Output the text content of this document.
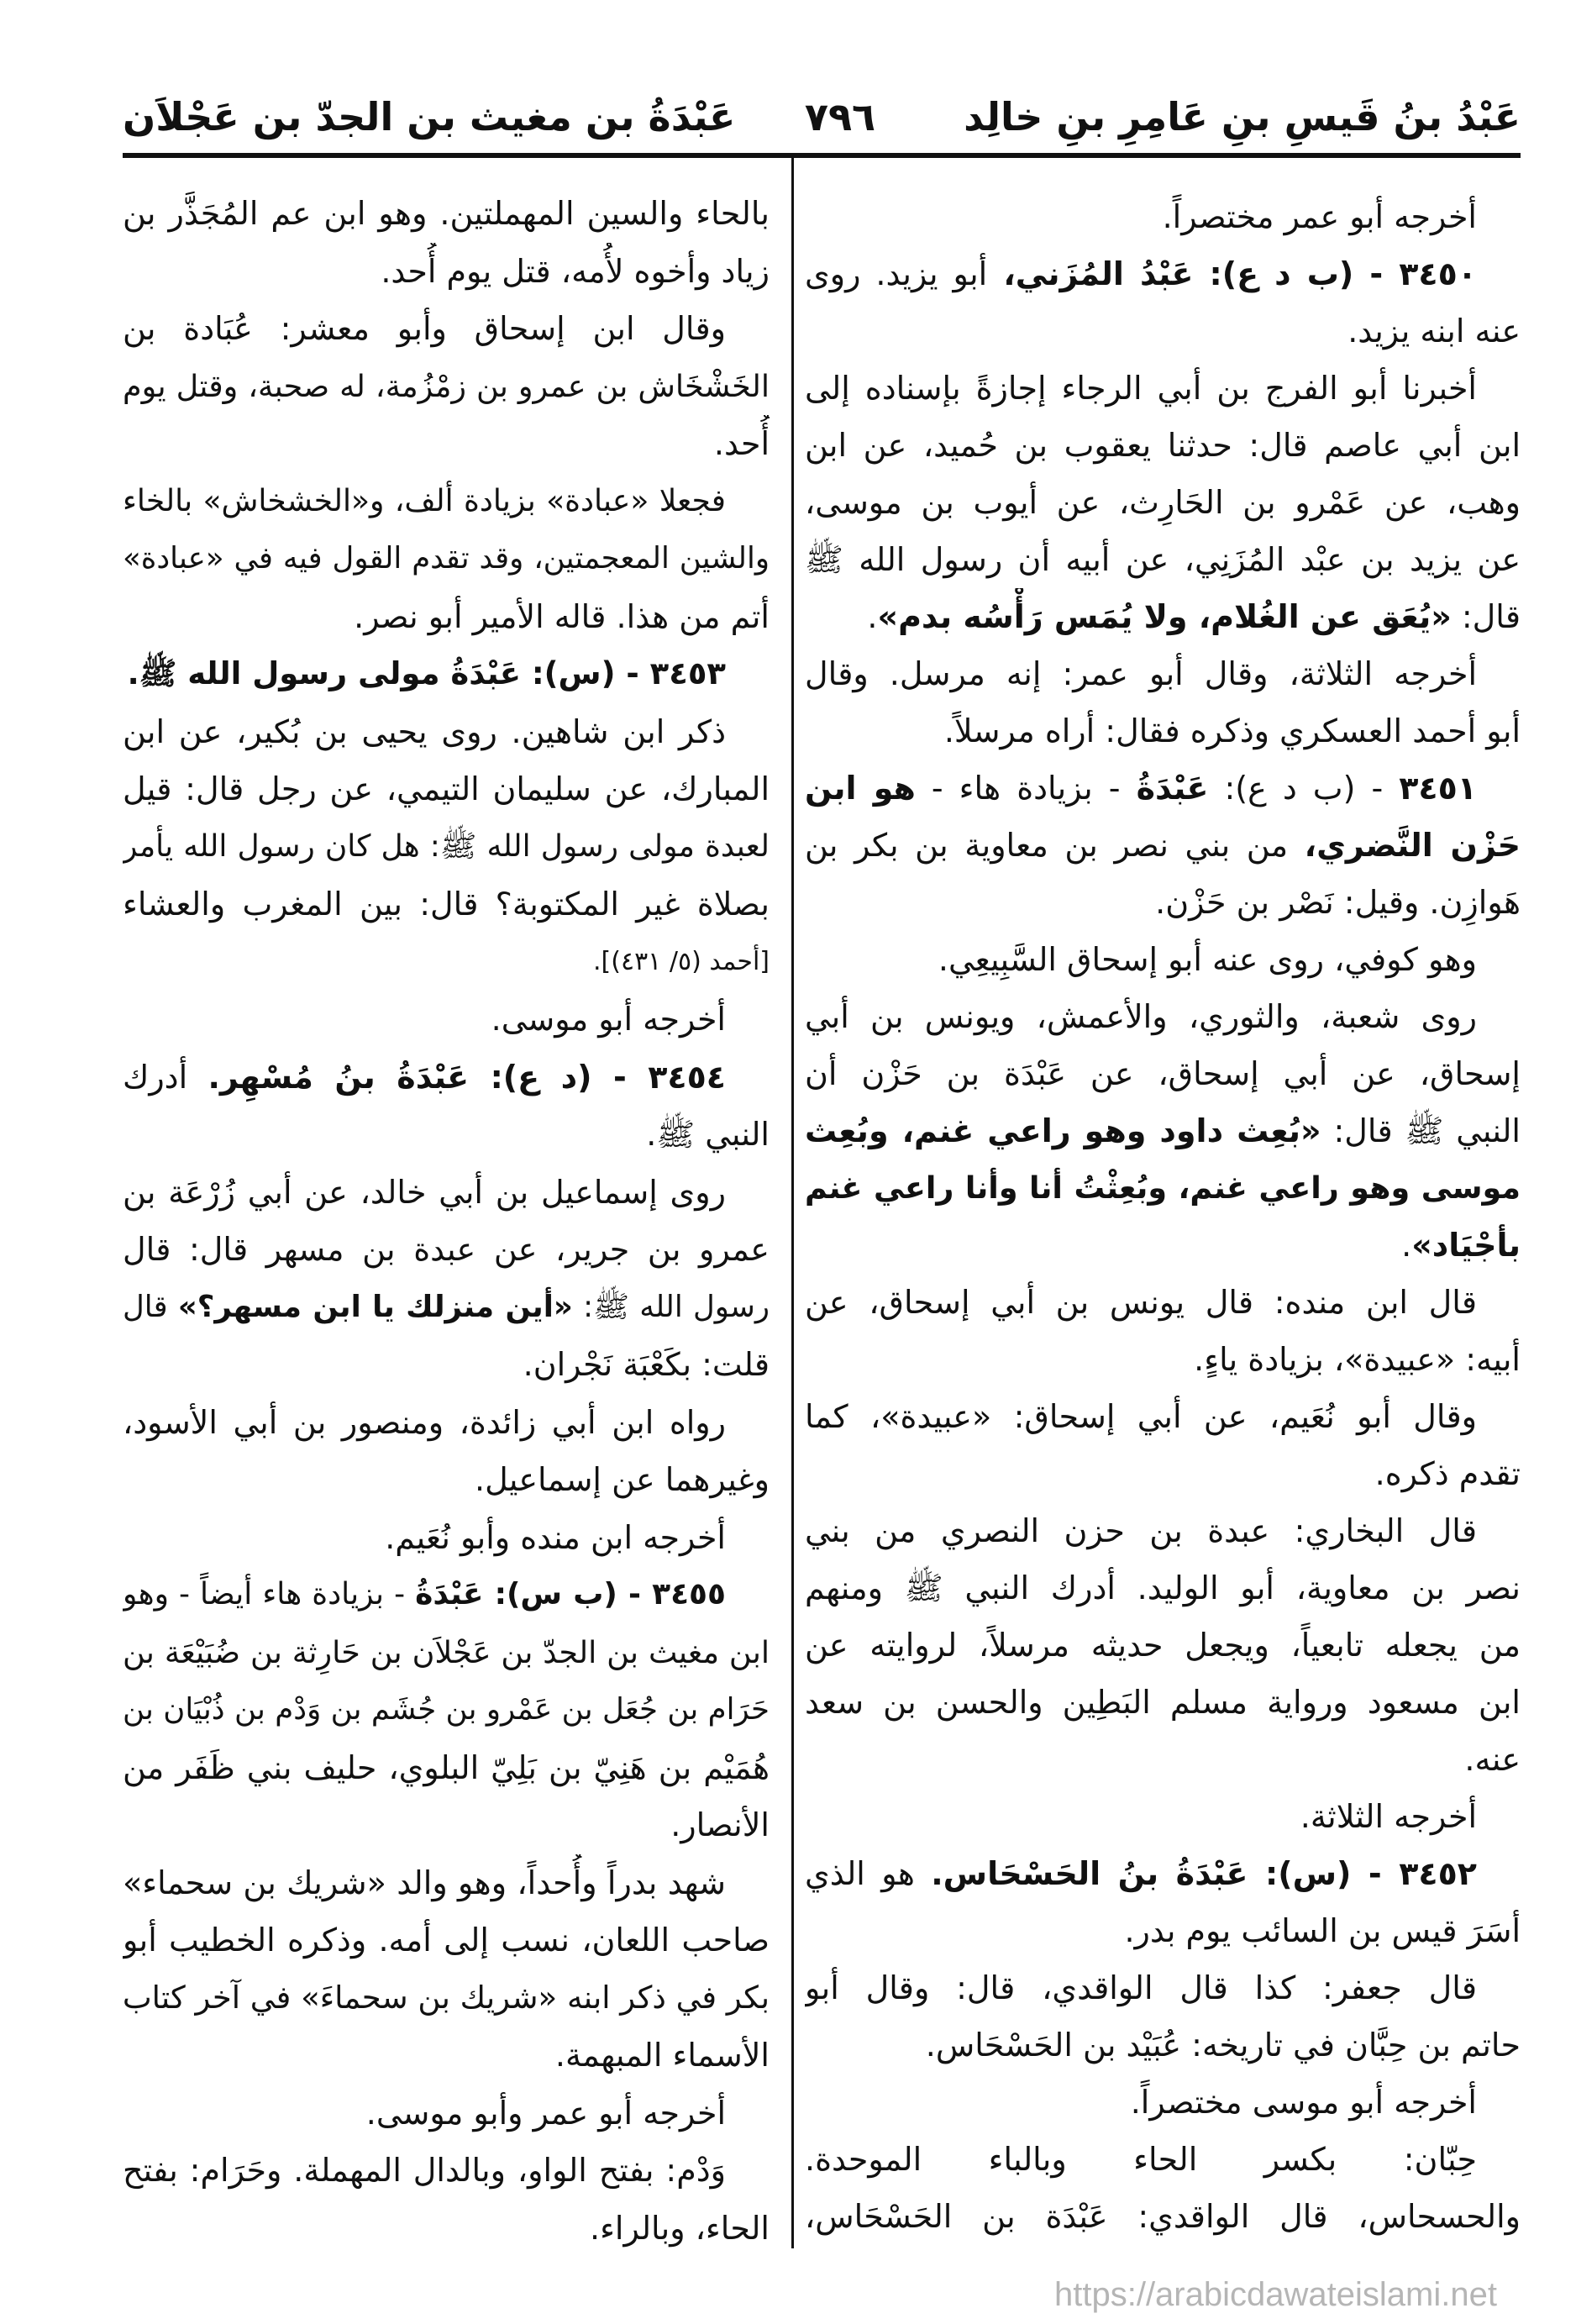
عَبْدُ بنُ قَيسِ بنِ عَامِرِ بنِ خالِد
٧٩٦
عَبْدَةُ بن مغيث بن الجدّ بن عَجْلاَن
أخرجه أبو عمر مختصراً.
٣٤٥٠ - (ب د ع): عَبْدُ المُزَني، أبو يزيد. روى
عنه ابنه يزيد.
أخبرنا أبو الفرج بن أبي الرجاء إجازةً بإسناده إلى
ابن أبي عاصم قال: حدثنا يعقوب بن حُميد، عن ابن
وهب، عن عَمْرو بن الحَارِث، عن أيوب بن موسى،
عن يزيد بن عبْد المُزَنِي، عن أبيه أن رسول الله ﷺ
قال: «يُعَق عن الغُلام، ولا يُمَس رَأْسُه بدم».
أخرجه الثلاثة، وقال أبو عمر: إنه مرسل. وقال
أبو أحمد العسكري وذكره فقال: أراه مرسلاً.
٣٤٥١ - (ب د ع): عَبْدَةُ - بزيادة هاء - هو ابن
حَزْن النَّضري، من بني نصر بن معاوية بن بكر بن
هَوازِن. وقيل: نَصْر بن حَزْن.
وهو كوفي، روى عنه أبو إسحاق السَّبِيعِي.
روى شعبة، والثوري، والأعمش، ويونس بن أبي
إسحاق، عن أبي إسحاق، عن عَبْدَة بن حَزْن أن
النبي ﷺ قال: «بُعِث داود وهو راعي غنم، وبُعِث
موسى وهو راعي غنم، وبُعِثْتُ أنا وأنا راعي غنم
بأجْيَاد».
قال ابن منده: قال يونس بن أبي إسحاق، عن
أبيه: «عبيدة»، بزيادة ياءٍ.
وقال أبو نُعَيم، عن أبي إسحاق: «عبيدة»، كما
تقدم ذكره.
قال البخاري: عبدة بن حزن النصري من بني
نصر بن معاوية، أبو الوليد. أدرك النبي ﷺ ومنهم
من يجعله تابعياً، ويجعل حديثه مرسلاً، لروايته عن
ابن مسعود ورواية مسلم البَطِين والحسن بن سعد
عنه.
أخرجه الثلاثة.
٣٤٥٢ - (س): عَبْدَةُ بنُ الحَسْحَاس. هو الذي
أسَرَ قيس بن السائب يوم بدر.
قال جعفر: كذا قال الواقدي، قال: وقال أبو
حاتم بن حِبَّان في تاريخه: عُبَيْد بن الحَسْحَاس.
أخرجه أبو موسى مختصراً.
حِبّان: بكسر الحاء وبالباء الموحدة.
والحسحاس، قال الواقدي: عَبْدَة بن الحَسْحَاس،
بالحاء والسين المهملتين. وهو ابن عم المُجَذَّر بن
زياد وأخوه لأُمه، قتل يوم أُحد.
وقال ابن إسحاق وأبو معشر: عُبَادة بن
الخَشْخَاش بن عمرو بن زمْزُمة، له صحبة، وقتل يوم
أُحد.
فجعلا «عبادة» بزيادة ألف، و«الخشخاش» بالخاء
والشين المعجمتين، وقد تقدم القول فيه في «عبادة»
أتم من هذا. قاله الأمير أبو نصر.
٣٤٥٣ - (س): عَبْدَةُ مولى رسول الله ﷺ.
ذكر ابن شاهين. روى يحيى بن بُكير، عن ابن
المبارك، عن سليمان التيمي، عن رجل قال: قيل
لعبدة مولى رسول الله ﷺ: هل كان رسول الله يأمر
بصلاة غير المكتوبة؟ قال: بين المغرب والعشاء
[أحمد (٥/ ٤٣١)].
أخرجه أبو موسى.
٣٤٥٤ - (د ع): عَبْدَةُ بنُ مُسْهِر. أدرك
النبي ﷺ.
روى إسماعيل بن أبي خالد، عن أبي زُرْعَة بن
عمرو بن جرير، عن عبدة بن مسهر قال: قال
رسول الله ﷺ: «أين منزلك يا ابن مسهر؟» قال
قلت: بكَعْبَة نَجْران.
رواه ابن أبي زائدة، ومنصور بن أبي الأسود،
وغيرهما عن إسماعيل.
أخرجه ابن منده وأبو نُعَيم.
٣٤٥٥ - (ب س): عَبْدَةُ - بزيادة هاء أيضاً - وهو
ابن مغيث بن الجدّ بن عَجْلاَن بن حَارِثة بن ضُبَيْعَة بن
حَرَام بن جُعَل بن عَمْرو بن جُشَم بن وَدْم بن ذُبْيَان بن
هُمَيْم بن هَنِيّ بن بَلِيّ البلوي، حليف بني ظَفَر من
الأنصار.
شهد بدراً وأُحداً، وهو والد «شريك بن سحماء»
صاحب اللعان، نسب إلى أمه. وذكره الخطيب أبو
بكر في ذكر ابنه «شريك بن سحماءَ» في آخر كتاب
الأسماء المبهمة.
أخرجه أبو عمر وأبو موسى.
وَدْم: بفتح الواو، وبالدال المهملة. وحَرَام: بفتح
الحاء، وبالراء.
https://arabicdawateislami.net
